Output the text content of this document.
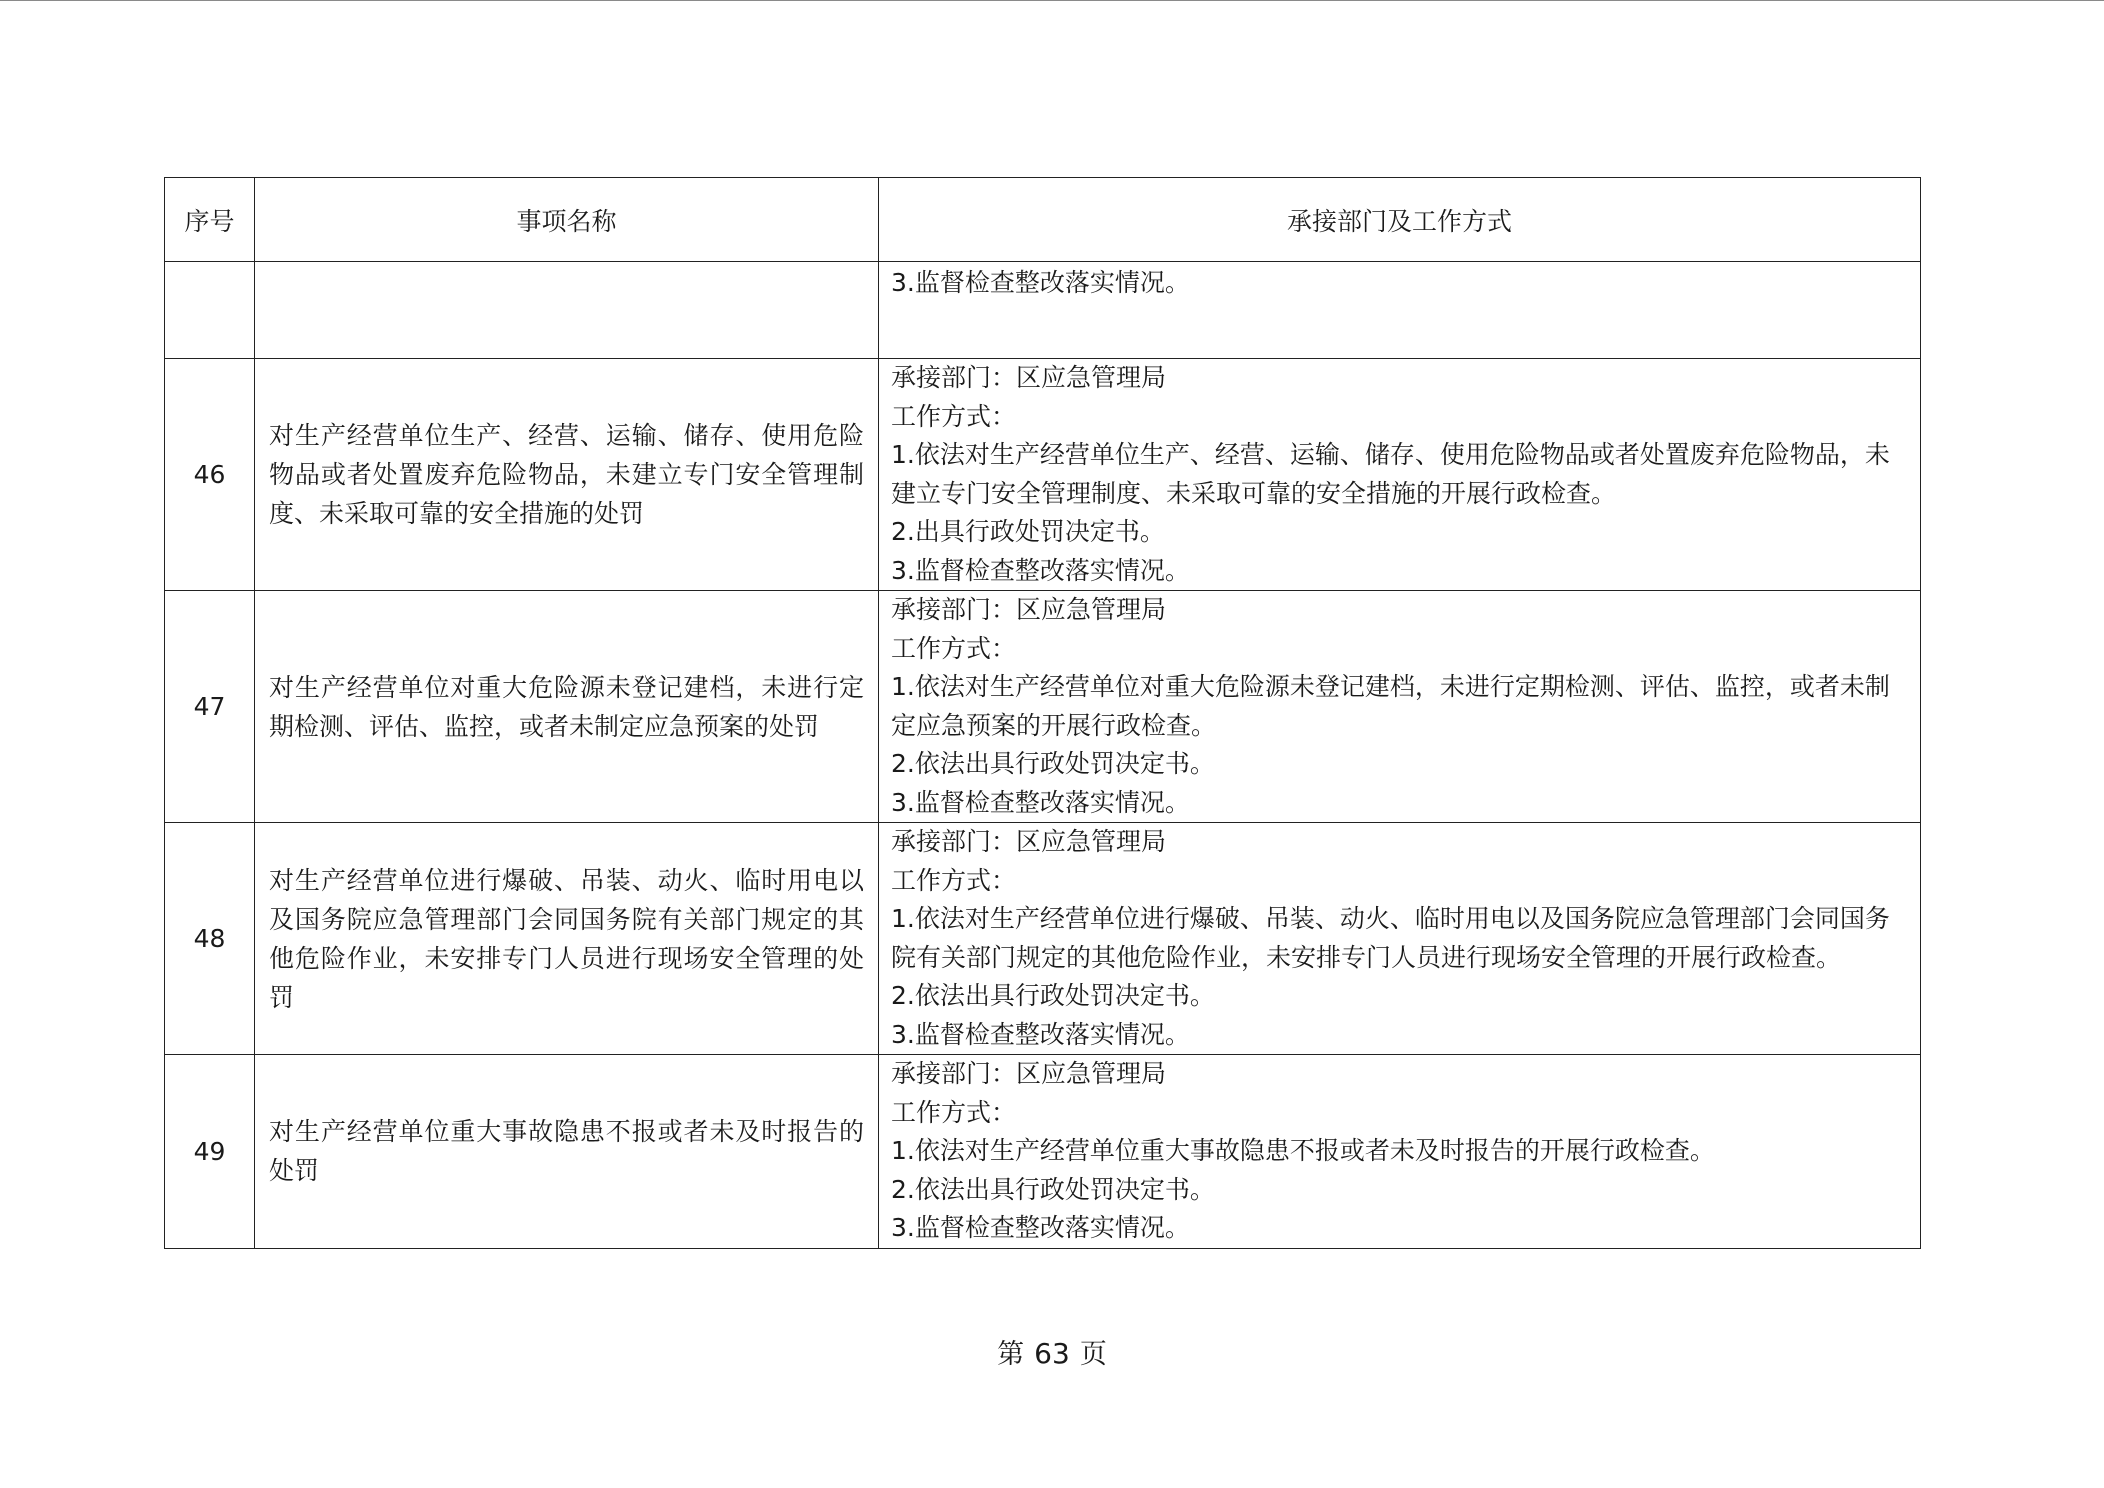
序号	事项名称	承接部门及工作方式

		3.监督检查整改落实情况。

46	对生产经营单位生产、经营、运输、储存、使用危险物品或者处置废弃危险物品，未建立专门安全管理制度、未采取可靠的安全措施的处罚	承接部门：区应急管理局
工作方式：
1.依法对生产经营单位生产、经营、运输、储存、使用危险物品或者处置废弃危险物品，未建立专门安全管理制度、未采取可靠的安全措施的开展行政检查。
2.出具行政处罚决定书。
3.监督检查整改落实情况。

47	对生产经营单位对重大危险源未登记建档，未进行定期检测、评估、监控，或者未制定应急预案的处罚	承接部门：区应急管理局
工作方式：
1.依法对生产经营单位对重大危险源未登记建档，未进行定期检测、评估、监控，或者未制定应急预案的开展行政检查。
2.依法出具行政处罚决定书。
3.监督检查整改落实情况。

48	对生产经营单位进行爆破、吊装、动火、临时用电以及国务院应急管理部门会同国务院有关部门规定的其他危险作业，未安排专门人员进行现场安全管理的处罚	承接部门：区应急管理局
工作方式：
1.依法对生产经营单位进行爆破、吊装、动火、临时用电以及国务院应急管理部门会同国务院有关部门规定的其他危险作业，未安排专门人员进行现场安全管理的开展行政检查。
2.依法出具行政处罚决定书。
3.监督检查整改落实情况。

49	对生产经营单位重大事故隐患不报或者未及时报告的处罚	承接部门：区应急管理局
工作方式：
1.依法对生产经营单位重大事故隐患不报或者未及时报告的开展行政检查。
2.依法出具行政处罚决定书。
3.监督检查整改落实情况。
第 63 页
